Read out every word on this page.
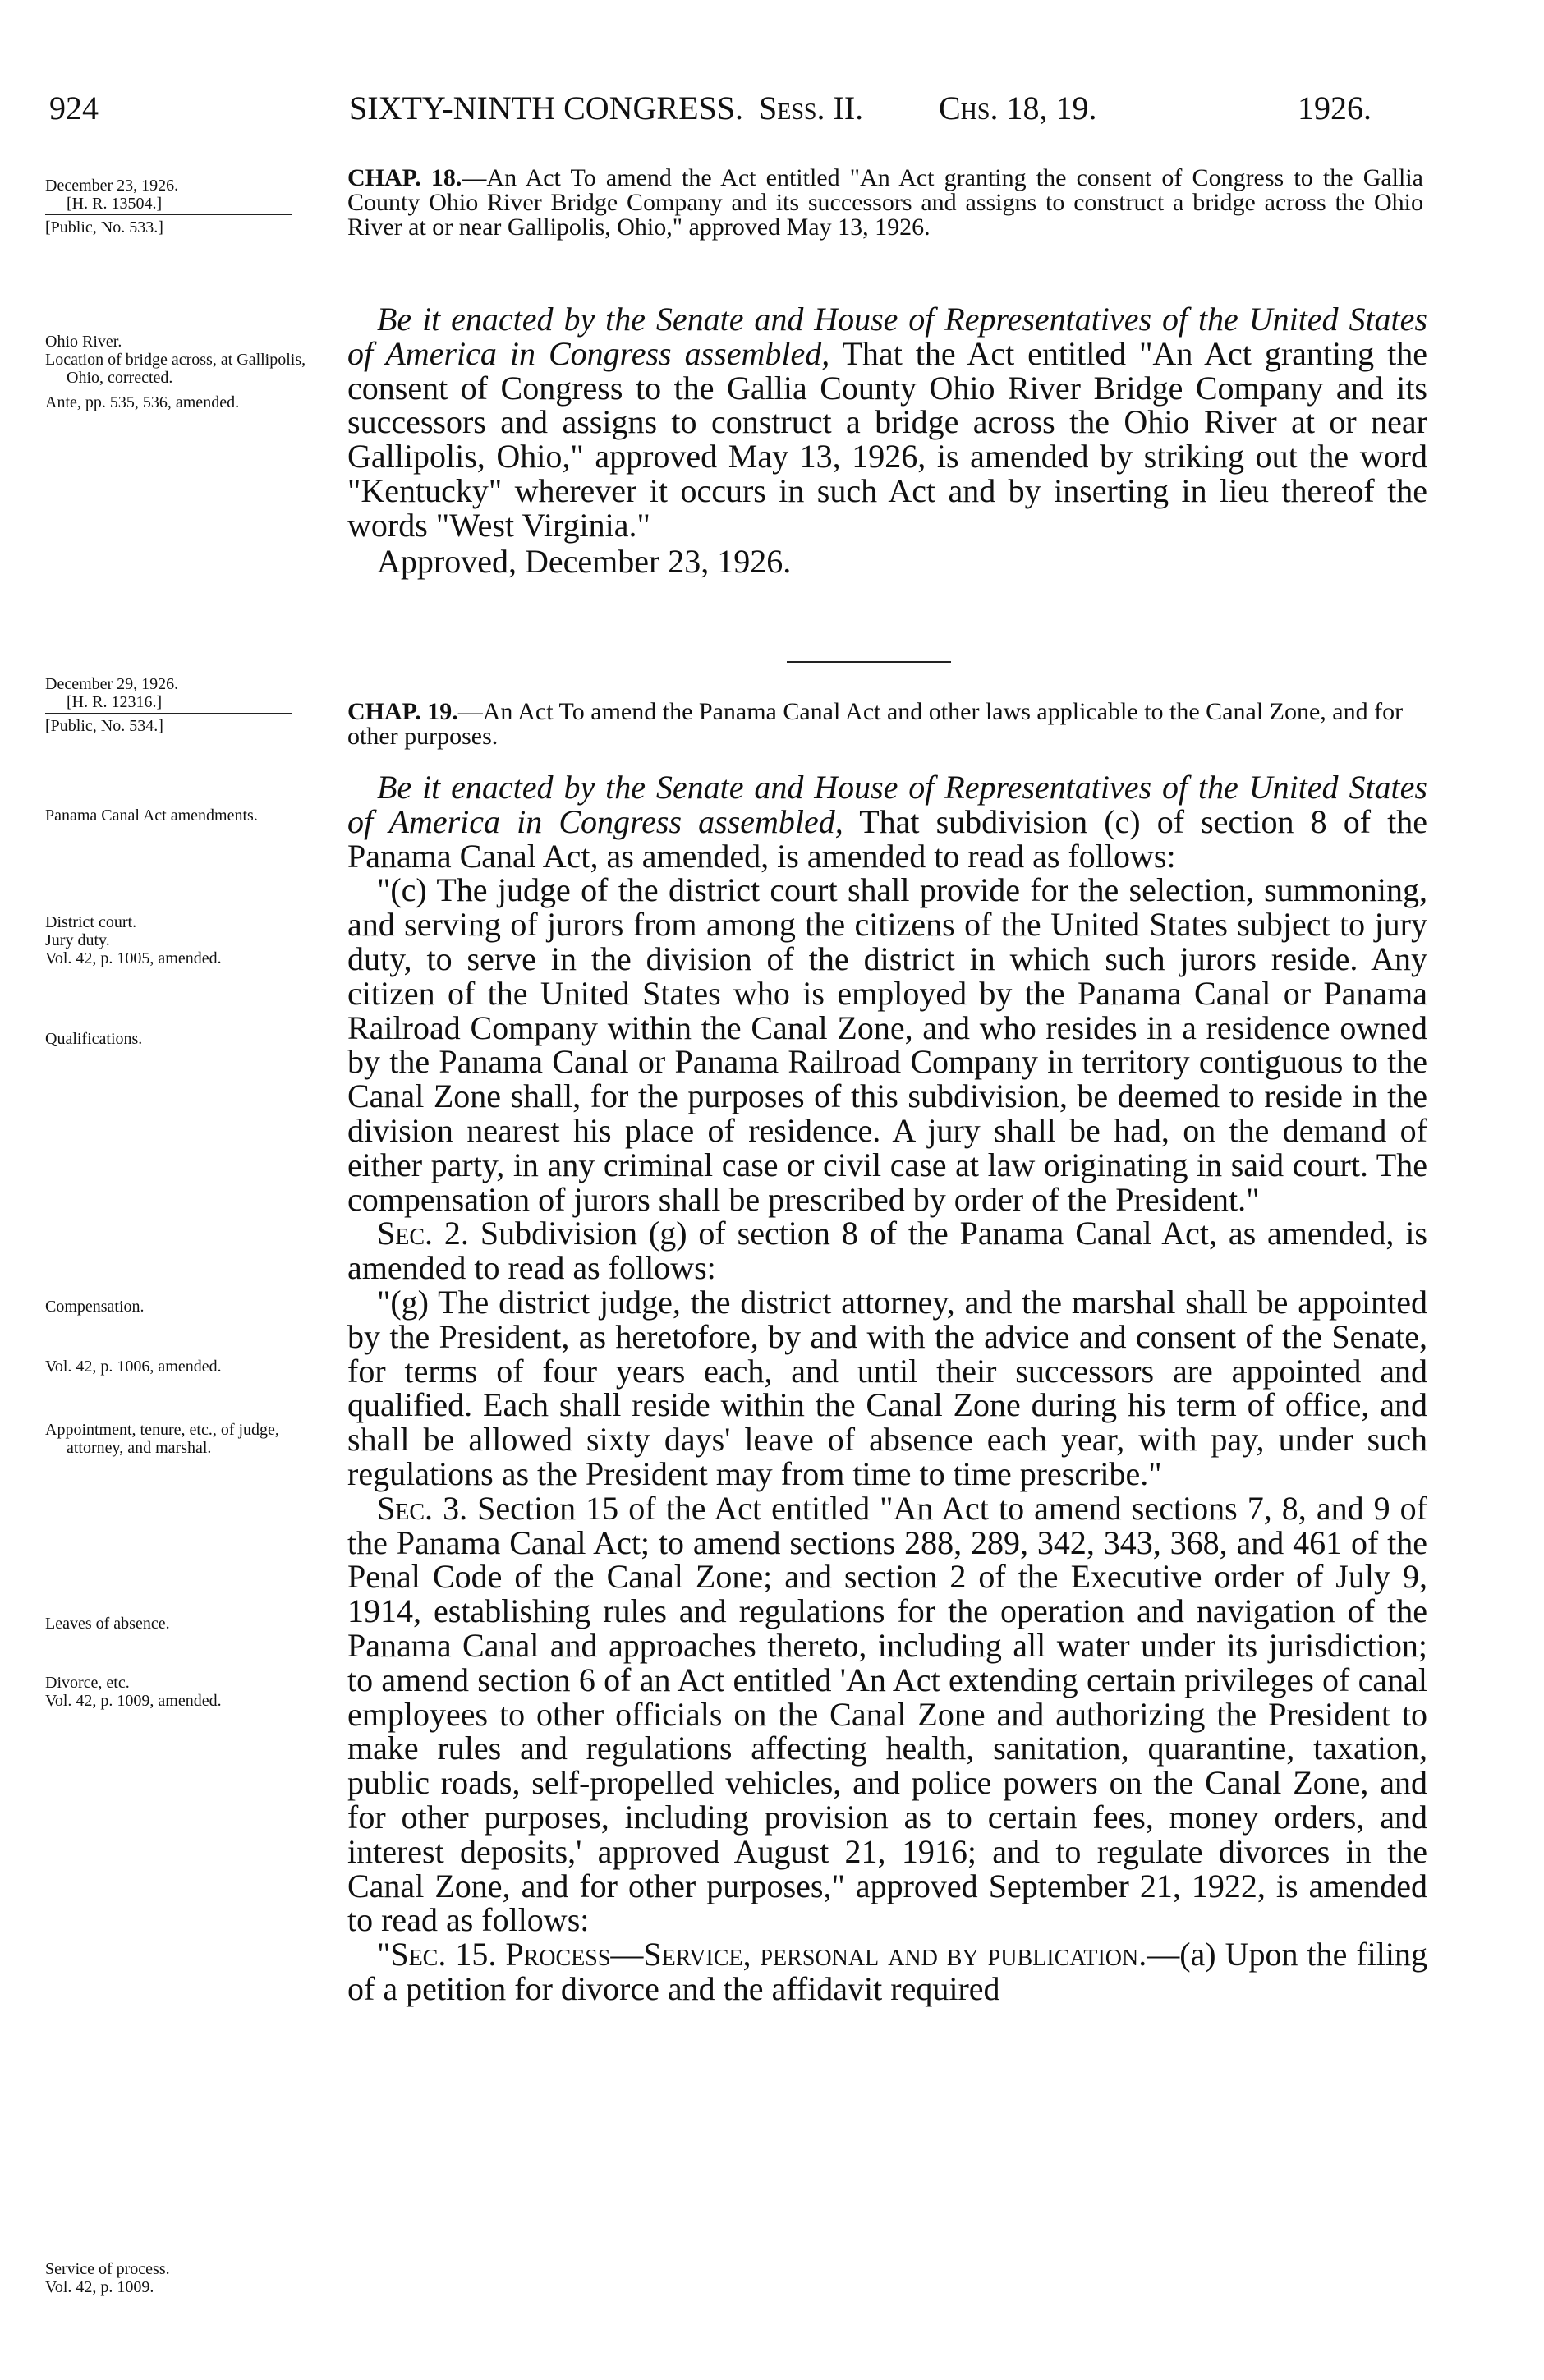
924	SIXTY-NINTH CONGRESS. Sess. II. Chs. 18, 19.	1926.

December 23, 1926.

[H. R. 13504.]

[Public, No. 533.]

CHAP. 18.—An Act To amend the Act entitled "An Act granting the consent of Congress to the Gallia County Ohio River Bridge Company and its successors and assigns to construct a bridge across the Ohio River at or near Gallipolis, Ohio," approved May 13, 1926.

Ohio River.

Location of bridge across, at Gallipolis, Ohio, corrected.

Ante, pp. 535, 536, amended.

Be it enacted by the Senate and House of Representatives of the United States of America in Congress assembled, That the Act entitled "An Act granting the consent of Congress to the Gallia County Ohio River Bridge Company and its successors and assigns to construct a bridge across the Ohio River at or near Gallipolis, Ohio," approved May 13, 1926, is amended by striking out the word "Kentucky" wherever it occurs in such Act and by inserting in lieu thereof the words "West Virginia."

Approved, December 23, 1926.

December 29, 1926.

[H. R. 12316.]

[Public, No. 534.]

CHAP. 19.—An Act To amend the Panama Canal Act and other laws applicable to the Canal Zone, and for other purposes.

Panama Canal Act amendments.

District court.

Jury duty.

Vol. 42, p. 1005, amended.

Qualifications.

Compensation.

Vol. 42, p. 1006, amended.

Appointment, tenure, etc., of judge, attorney, and marshal.

Leaves of absence.

Divorce, etc.

Vol. 42, p. 1009, amended.

Service of process.

Vol. 42, p. 1009.

Be it enacted by the Senate and House of Representatives of the United States of America in Congress assembled, That subdivision (c) of section 8 of the Panama Canal Act, as amended, is amended to read as follows:

"(c) The judge of the district court shall provide for the selection, summoning, and serving of jurors from among the citizens of the United States subject to jury duty, to serve in the division of the district in which such jurors reside. Any citizen of the United States who is employed by the Panama Canal or Panama Railroad Company within the Canal Zone, and who resides in a residence owned by the Panama Canal or Panama Railroad Company in territory contiguous to the Canal Zone shall, for the purposes of this subdivision, be deemed to reside in the division nearest his place of residence. A jury shall be had, on the demand of either party, in any criminal case or civil case at law originating in said court. The compensation of jurors shall be prescribed by order of the President."

Sec. 2. Subdivision (g) of section 8 of the Panama Canal Act, as amended, is amended to read as follows:

"(g) The district judge, the district attorney, and the marshal shall be appointed by the President, as heretofore, by and with the advice and consent of the Senate, for terms of four years each, and until their successors are appointed and qualified. Each shall reside within the Canal Zone during his term of office, and shall be allowed sixty days' leave of absence each year, with pay, under such regulations as the President may from time to time prescribe."

Sec. 3. Section 15 of the Act entitled "An Act to amend sections 7, 8, and 9 of the Panama Canal Act; to amend sections 288, 289, 342, 343, 368, and 461 of the Penal Code of the Canal Zone; and section 2 of the Executive order of July 9, 1914, establishing rules and regulations for the operation and navigation of the Panama Canal and approaches thereto, including all water under its jurisdiction; to amend section 6 of an Act entitled 'An Act extending certain privileges of canal employees to other officials on the Canal Zone and authorizing the President to make rules and regulations affecting health, sanitation, quarantine, taxation, public roads, self-propelled vehicles, and police powers on the Canal Zone, and for other purposes, including provision as to certain fees, money orders, and interest deposits,' approved August 21, 1916; and to regulate divorces in the Canal Zone, and for other purposes," approved September 21, 1922, is amended to read as follows:

"Sec. 15. Process—Service, personal and by publication.—(a) Upon the filing of a petition for divorce and the affidavit required
